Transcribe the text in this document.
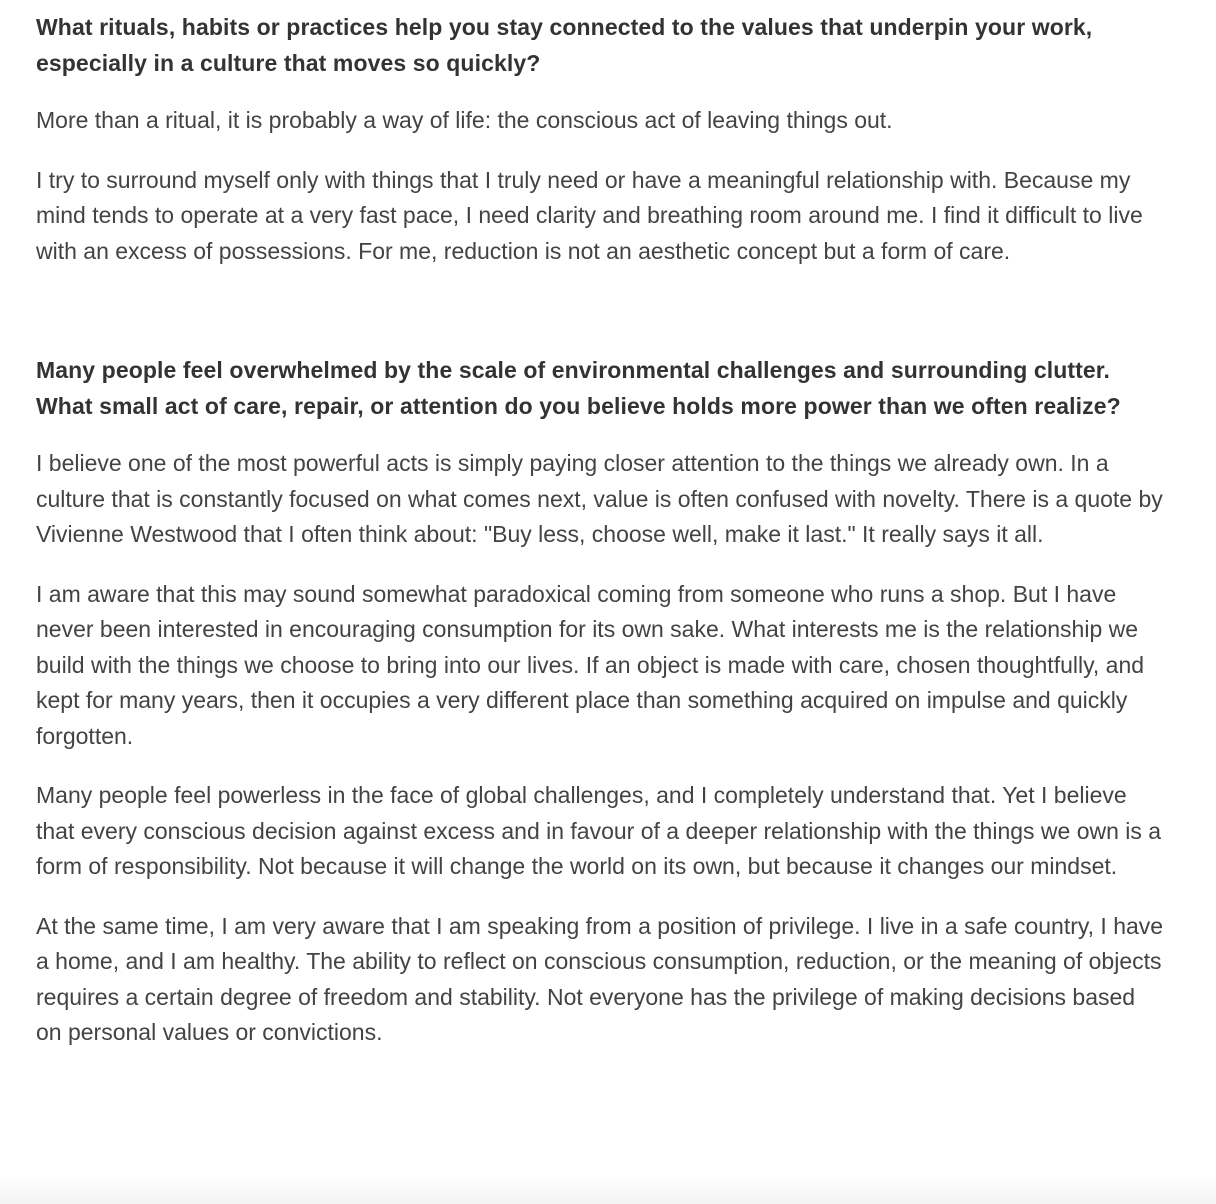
What rituals, habits or practices help you stay connected to the values that underpin your work, especially in a culture that moves so quickly?

More than a ritual, it is probably a way of life: the conscious act of leaving things out.

I try to surround myself only with things that I truly need or have a meaningful relationship with. Because my mind tends to operate at a very fast pace, I need clarity and breathing room around me. I find it difficult to live with an excess of possessions. For me, reduction is not an aesthetic concept but a form of care.

Many people feel overwhelmed by the scale of environmental challenges and surrounding clutter. What small act of care, repair, or attention do you believe holds more power than we often realize?

I believe one of the most powerful acts is simply paying closer attention to the things we already own. In a culture that is constantly focused on what comes next, value is often confused with novelty. There is a quote by Vivienne Westwood that I often think about: "Buy less, choose well, make it last." It really says it all.

I am aware that this may sound somewhat paradoxical coming from someone who runs a shop. But I have never been interested in encouraging consumption for its own sake. What interests me is the relationship we build with the things we choose to bring into our lives. If an object is made with care, chosen thoughtfully, and kept for many years, then it occupies a very different place than something acquired on impulse and quickly forgotten.

Many people feel powerless in the face of global challenges, and I completely understand that. Yet I believe that every conscious decision against excess and in favour of a deeper relationship with the things we own is a form of responsibility. Not because it will change the world on its own, but because it changes our mindset.

At the same time, I am very aware that I am speaking from a position of privilege. I live in a safe country, I have a home, and I am healthy. The ability to reflect on conscious consumption, reduction, or the meaning of objects requires a certain degree of freedom and stability. Not everyone has the privilege of making decisions based on personal values or convictions.
